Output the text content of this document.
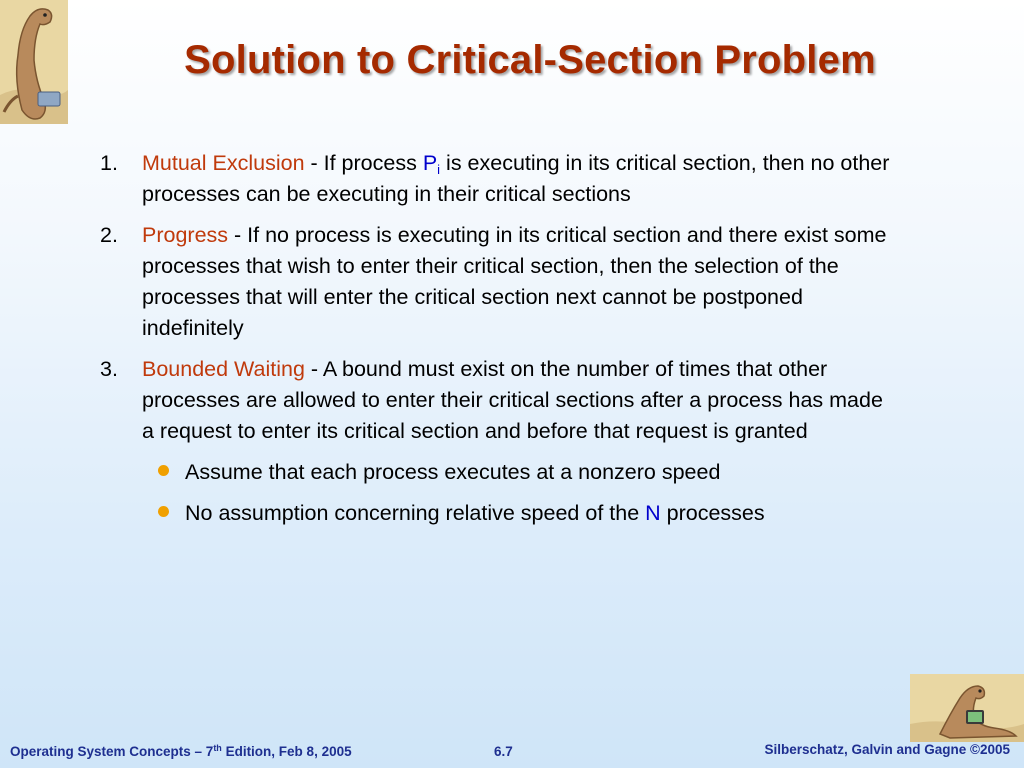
Solution to Critical-Section Problem
1.	Mutual Exclusion - If process $P_i$ is executing in its critical section, then no other processes can be executing in their critical sections
2.	Progress - If no process is executing in its critical section and there exist some processes that wish to enter their critical section, then the selection of the processes that will enter the critical section next cannot be postponed indefinitely
3.	Bounded Waiting - A bound must exist on the number of times that other processes are allowed to enter their critical sections after a process has made a request to enter its critical section and before that request is granted
Assume that each process executes at a nonzero speed
No assumption concerning relative speed of the N processes
Operating System Concepts – 7th Edition, Feb 8, 2005	6.7	Silberschatz, Galvin and Gagne ©2005
